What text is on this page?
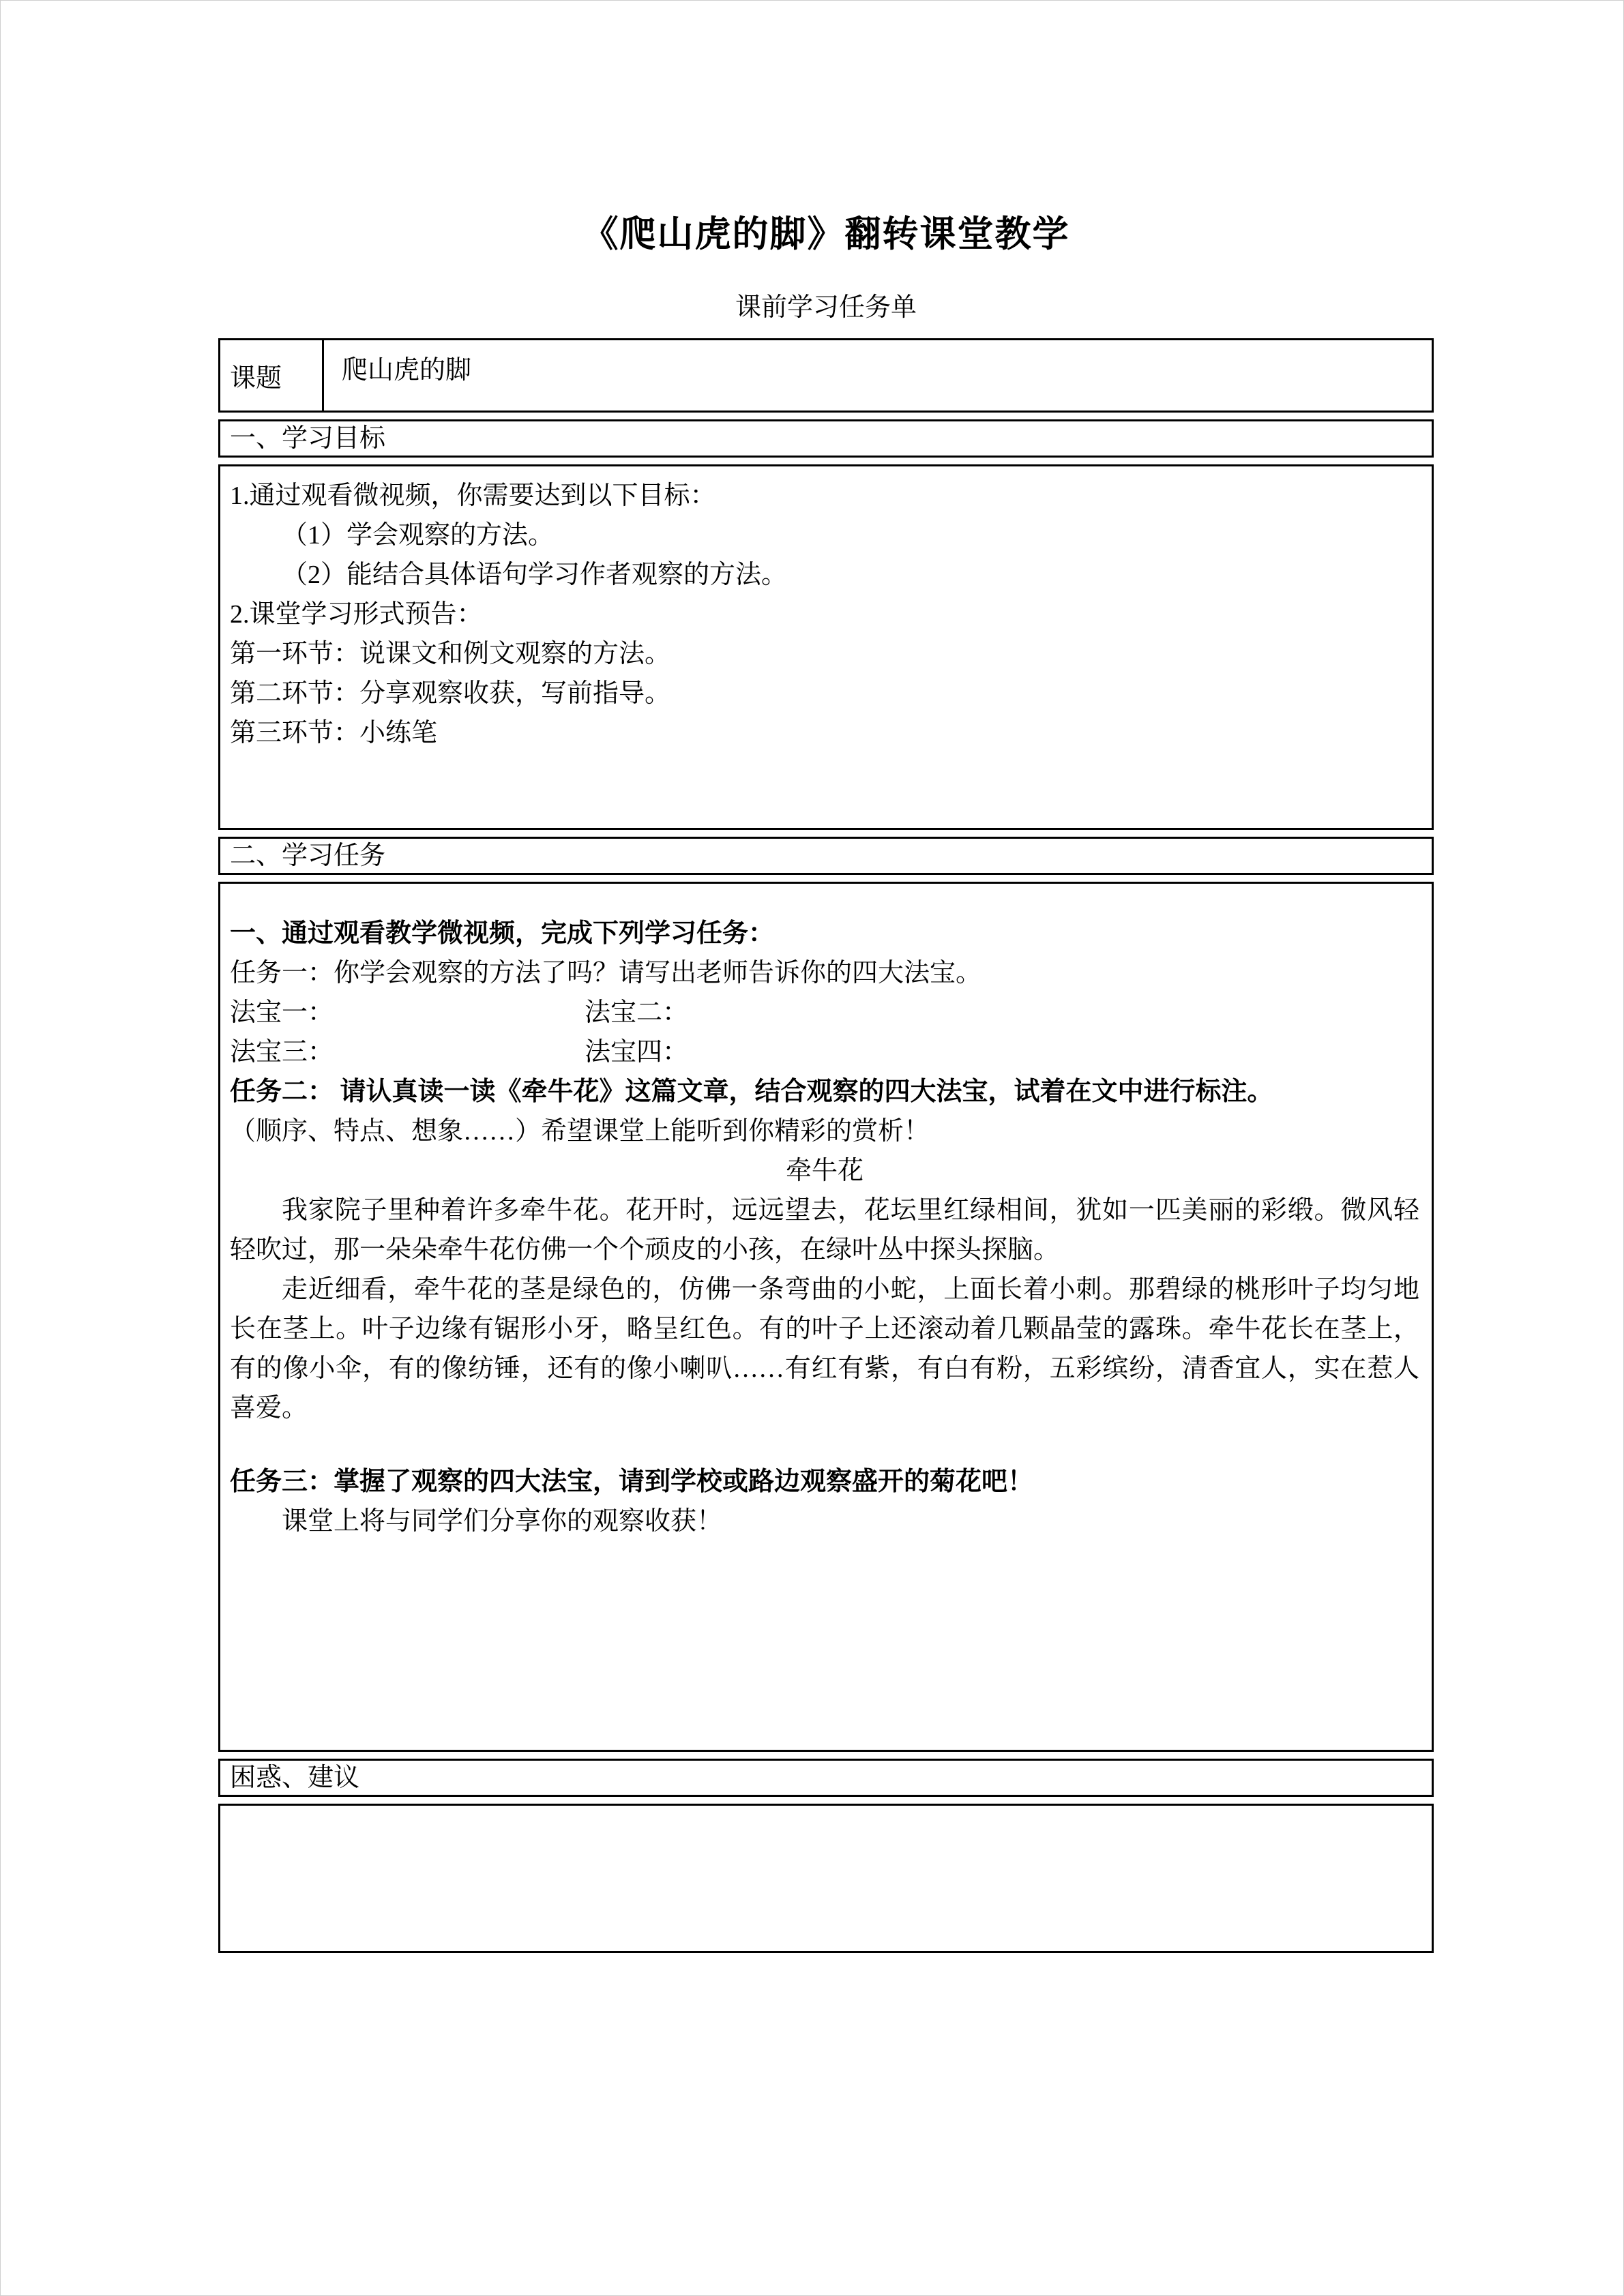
《爬山虎的脚》翻转课堂教学
课前学习任务单
课题	爬山虎的脚
一、学习目标
1.通过观看微视频，你需要达到以下目标：
（1）学会观察的方法。
（2）能结合具体语句学习作者观察的方法。
2.课堂学习形式预告：
第一环节：说课文和例文观察的方法。
第二环节：分享观察收获，写前指导。
第三环节：小练笔
二、学习任务
一、通过观看教学微视频，完成下列学习任务：
任务一：你学会观察的方法了吗？请写出老师告诉你的四大法宝。
法宝一：	法宝二：
法宝三：	法宝四：
任务二： 请认真读一读《牵牛花》这篇文章，结合观察的四大法宝，试着在文中进行标注。
（顺序、特点、想象……）希望课堂上能听到你精彩的赏析！
牵牛花
我家院子里种着许多牵牛花。花开时，远远望去，花坛里红绿相间，犹如一匹美丽的彩缎。微风轻轻吹过，那一朵朵牵牛花仿佛一个个顽皮的小孩，在绿叶丛中探头探脑。
走近细看，牵牛花的茎是绿色的，仿佛一条弯曲的小蛇，上面长着小刺。那碧绿的桃形叶子均匀地长在茎上。叶子边缘有锯形小牙，略呈红色。有的叶子上还滚动着几颗晶莹的露珠。牵牛花长在茎上，有的像小伞，有的像纺锤，还有的像小喇叭……有红有紫，有白有粉，五彩缤纷，清香宜人，实在惹人喜爱。
任务三：掌握了观察的四大法宝，请到学校或路边观察盛开的菊花吧！
课堂上将与同学们分享你的观察收获！
困惑、建议
